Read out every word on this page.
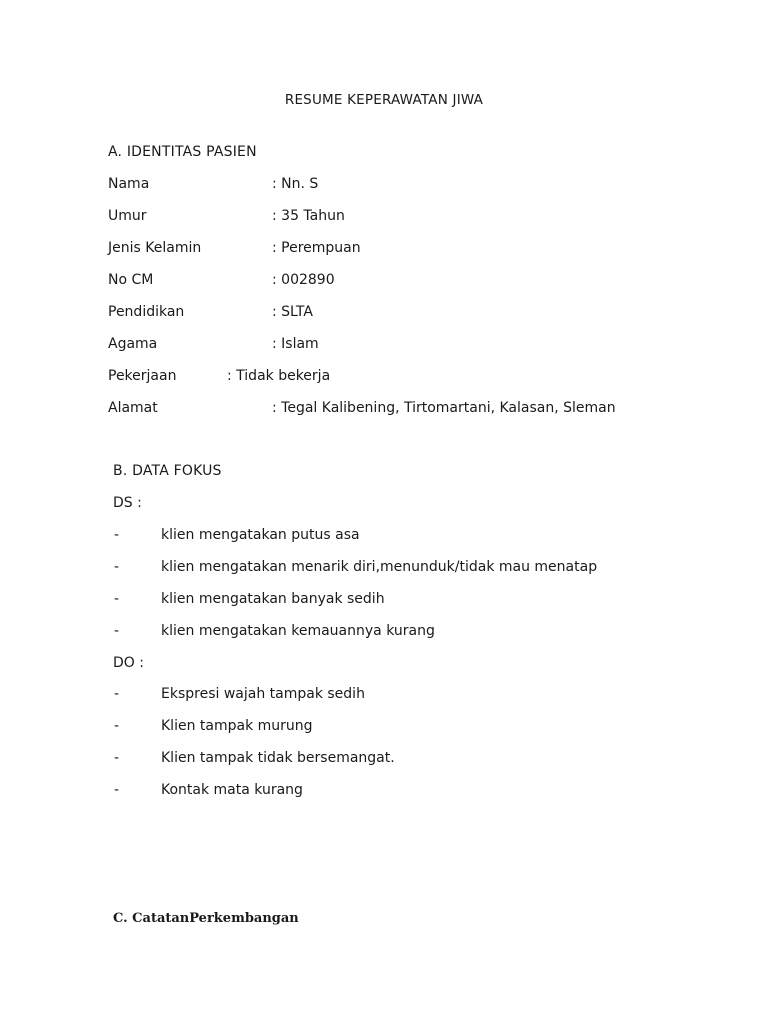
RESUME KEPERAWATAN JIWA
A. IDENTITAS PASIEN
Nama	: Nn. S
Umur	: 35 Tahun
Jenis Kelamin	: Perempuan
No CM	: 002890
Pendidikan	: SLTA
Agama	: Islam
Pekerjaan	: Tidak bekerja
Alamat	: Tegal Kalibening, Tirtomartani, Kalasan, Sleman
B. DATA FOKUS
DS :
-	klien mengatakan putus asa
-	klien mengatakan menarik diri,menunduk/tidak mau menatap
-	klien mengatakan banyak sedih
-	klien mengatakan kemauannya kurang
DO :
-	Ekspresi wajah tampak sedih
-	Klien tampak murung
-	Klien tampak tidak bersemangat.
-	Kontak mata kurang
C. CatatanPerkembangan
